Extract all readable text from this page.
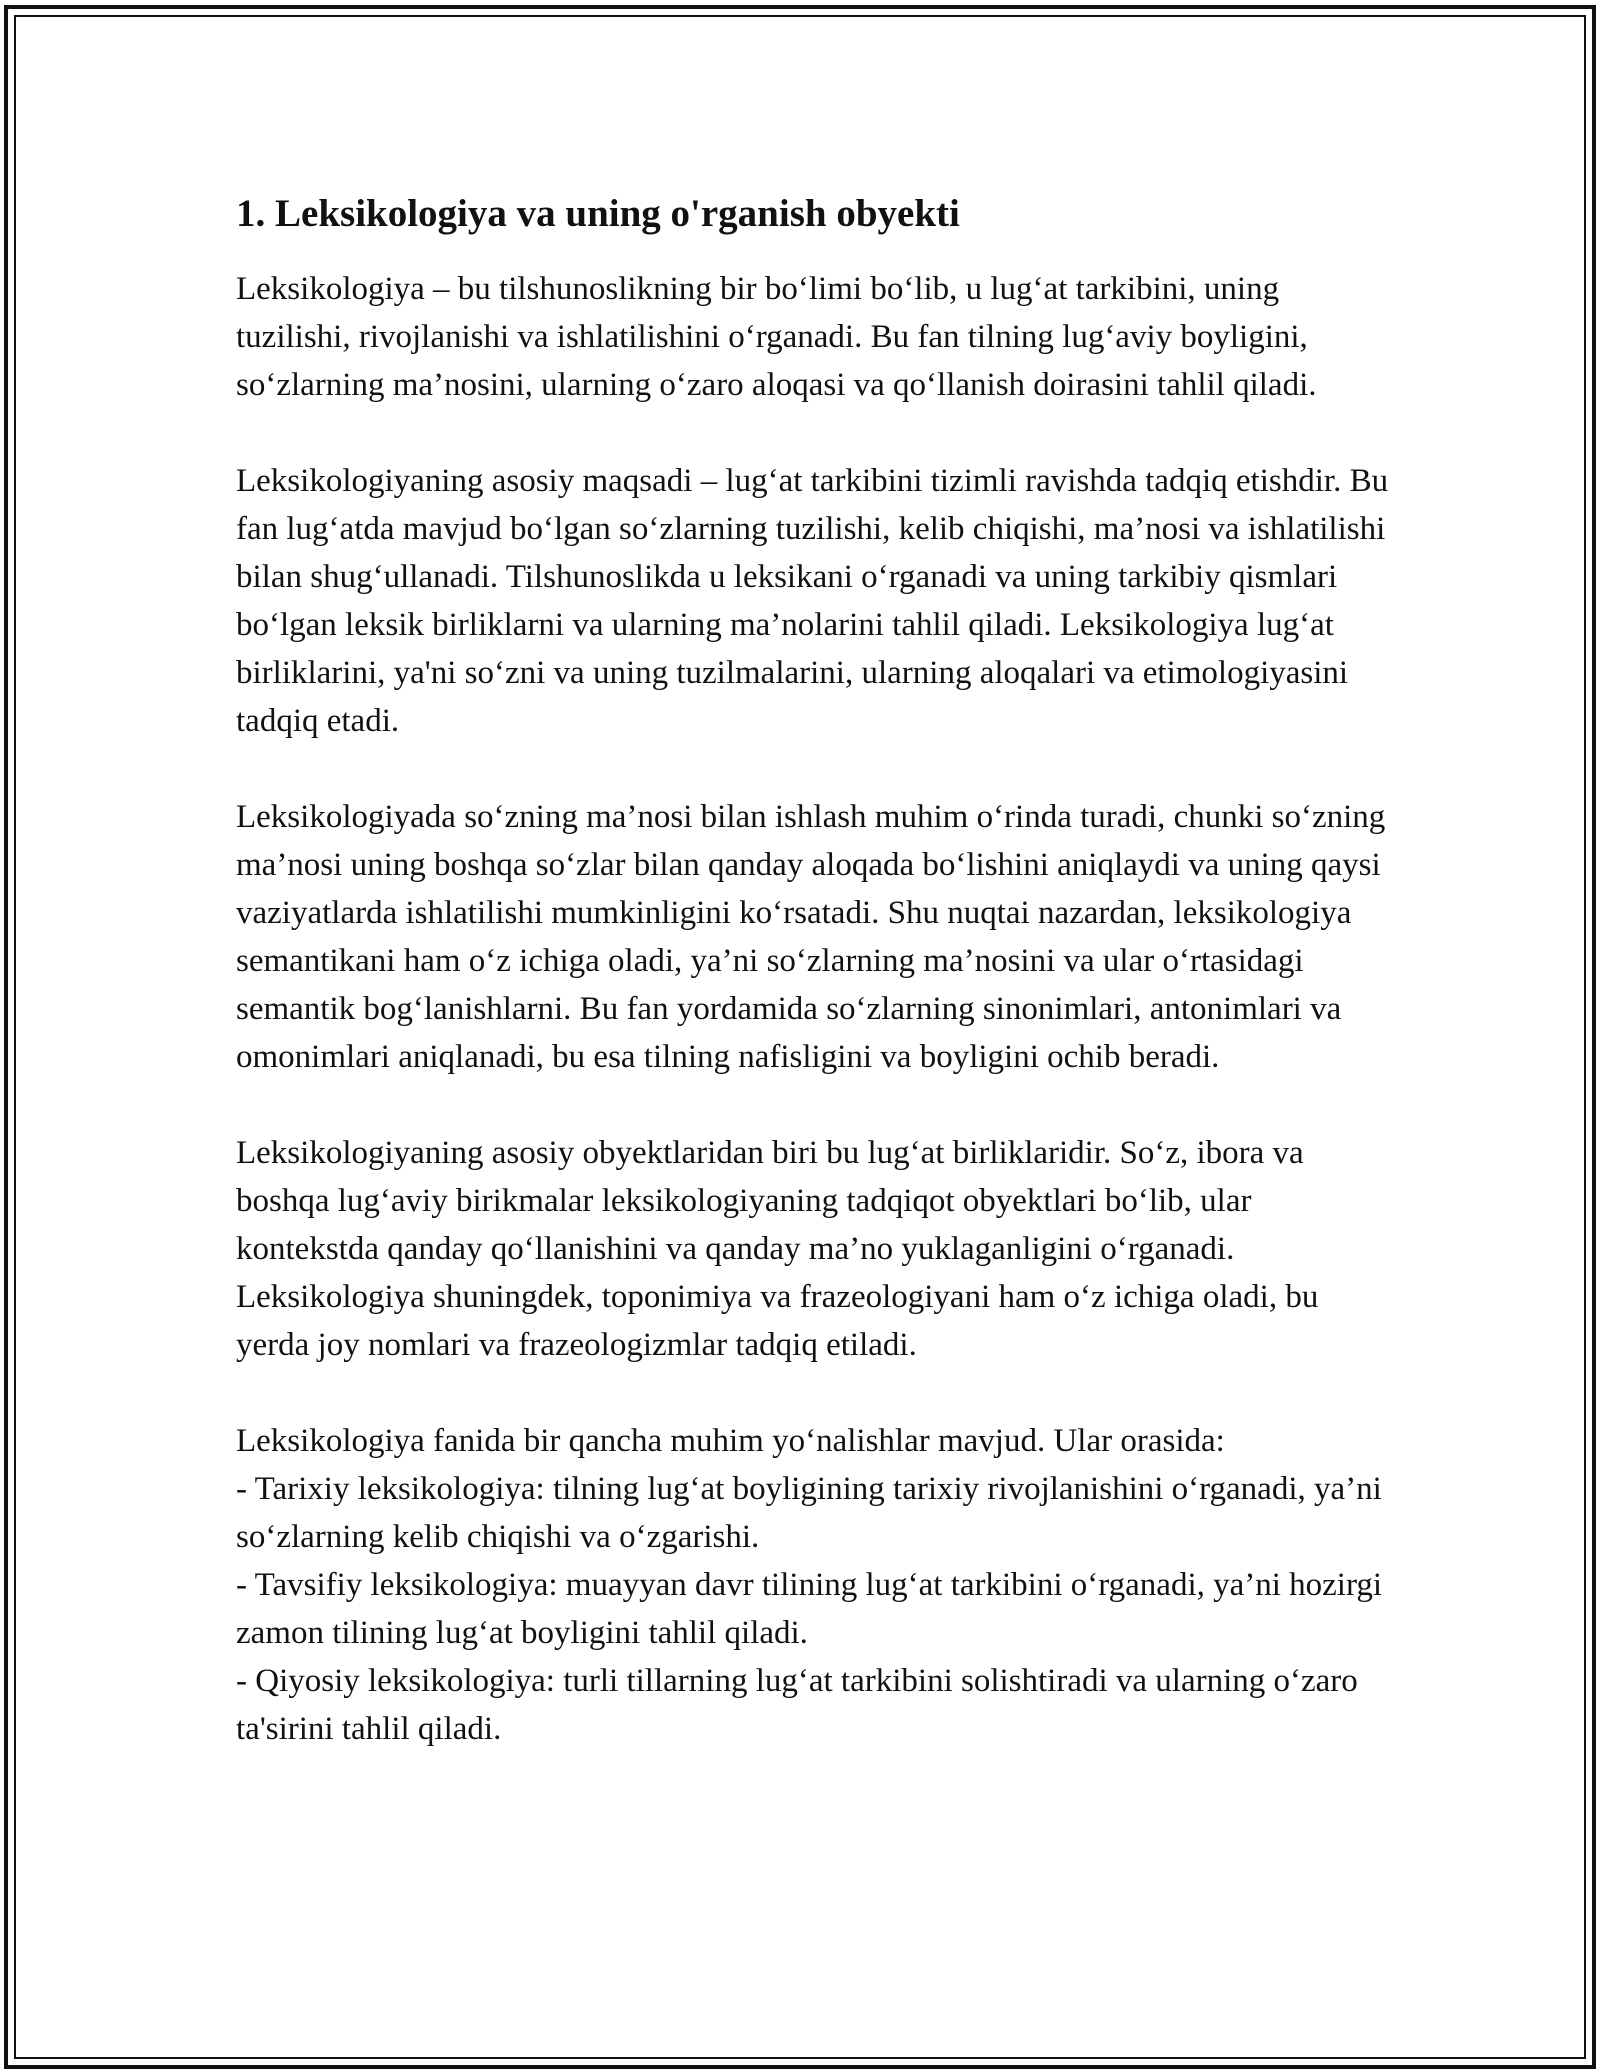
1. Leksikologiya va uning o'rganish obyekti

Leksikologiya – bu tilshunoslikning bir bo‘limi bo‘lib, u lug‘at tarkibini, uning tuzilishi, rivojlanishi va ishlatilishini o‘rganadi. Bu fan tilning lug‘aviy boyligini, so‘zlarning ma’nosini, ularning o‘zaro aloqasi va qo‘llanish doirasini tahlil qiladi.

Leksikologiyaning asosiy maqsadi – lug‘at tarkibini tizimli ravishda tadqiq etishdir. Bu fan lug‘atda mavjud bo‘lgan so‘zlarning tuzilishi, kelib chiqishi, ma’nosi va ishlatilishi bilan shug‘ullanadi. Tilshunoslikda u leksikani o‘rganadi va uning tarkibiy qismlari bo‘lgan leksik birliklarni va ularning ma’nolarini tahlil qiladi. Leksikologiya lug‘at birliklarini, ya'ni so‘zni va uning tuzilmalarini, ularning aloqalari va etimologiyasini tadqiq etadi.

Leksikologiyada so‘zning ma’nosi bilan ishlash muhim o‘rinda turadi, chunki so‘zning ma’nosi uning boshqa so‘zlar bilan qanday aloqada bo‘lishini aniqlaydi va uning qaysi vaziyatlarda ishlatilishi mumkinligini ko‘rsatadi. Shu nuqtai nazardan, leksikologiya semantikani ham o‘z ichiga oladi, ya’ni so‘zlarning ma’nosini va ular o‘rtasidagi semantik bog‘lanishlarni. Bu fan yordamida so‘zlarning sinonimlari, antonimlari va omonimlari aniqlanadi, bu esa tilning nafisligini va boyligini ochib beradi.

Leksikologiyaning asosiy obyektlaridan biri bu lug‘at birliklaridir. So‘z, ibora va boshqa lug‘aviy birikmalar leksikologiyaning tadqiqot obyektlari bo‘lib, ular kontekstda qanday qo‘llanishini va qanday ma’no yuklaganligini o‘rganadi. Leksikologiya shuningdek, toponimiya va frazeologiyani ham o‘z ichiga oladi, bu yerda joy nomlari va frazeologizmlar tadqiq etiladi.

Leksikologiya fanida bir qancha muhim yo‘nalishlar mavjud. Ular orasida:

- Tarixiy leksikologiya: tilning lug‘at boyligining tarixiy rivojlanishini o‘rganadi, ya’ni so‘zlarning kelib chiqishi va o‘zgarishi.

- Tavsifiy leksikologiya: muayyan davr tilining lug‘at tarkibini o‘rganadi, ya’ni hozirgi zamon tilining lug‘at boyligini tahlil qiladi.

- Qiyosiy leksikologiya: turli tillarning lug‘at tarkibini solishtiradi va ularning o‘zaro ta'sirini tahlil qiladi.
